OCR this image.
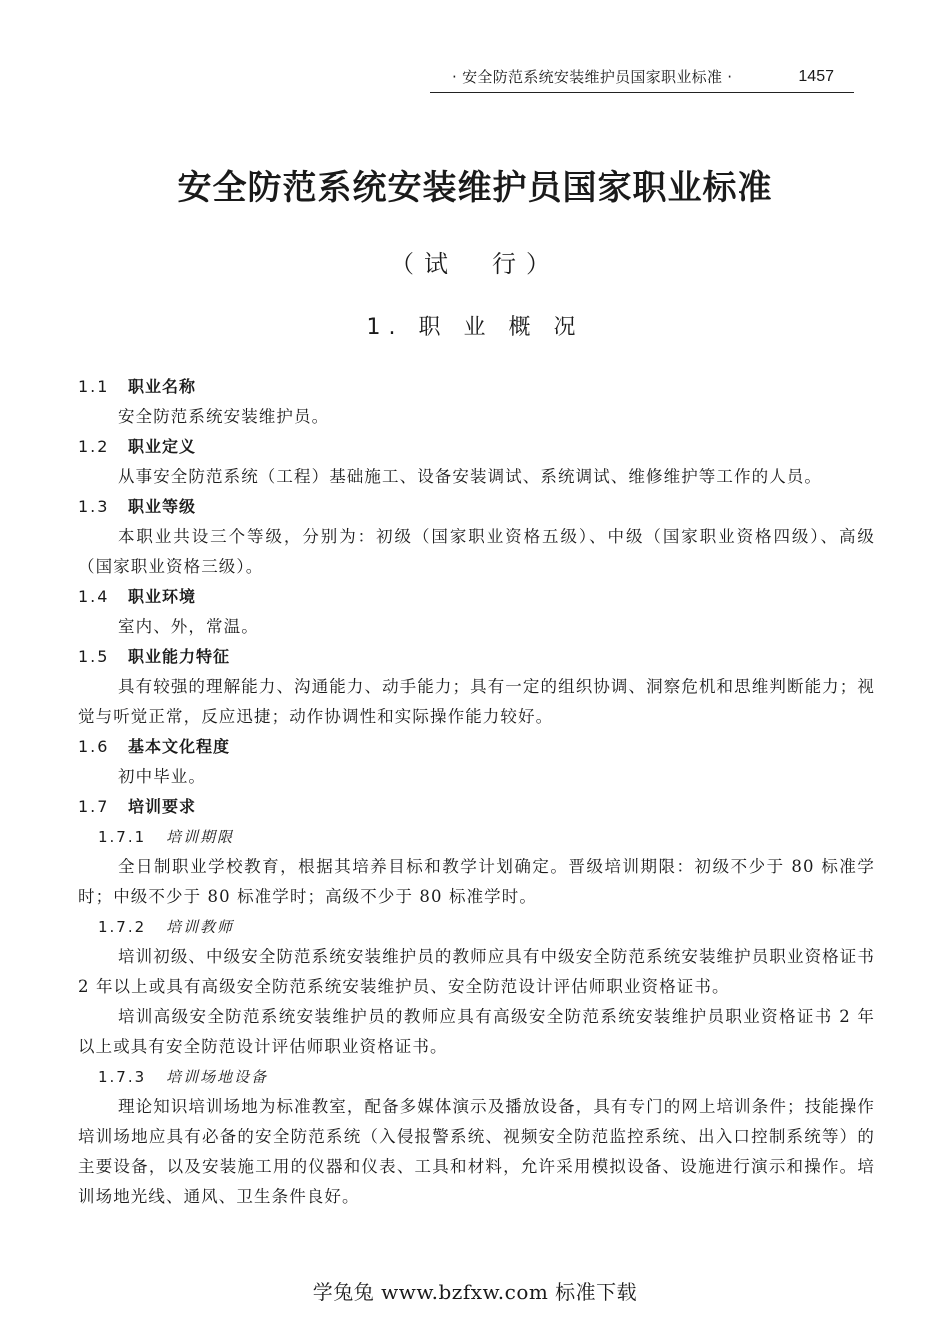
· 安全防范系统安装维护员国家职业标准 ·	1457
安全防范系统安装维护员国家职业标准
（试　行）
1. 职 业 概 况
1.1 职业名称

安全防范系统安装维护员。

1.2 职业定义

从事安全防范系统（工程）基础施工、设备安装调试、系统调试、维修维护等工作的人员。

1.3 职业等级

本职业共设三个等级，分别为：初级（国家职业资格五级）、中级（国家职业资格四级）、高级（国家职业资格三级）。

1.4 职业环境

室内、外，常温。

1.5 职业能力特征

具有较强的理解能力、沟通能力、动手能力；具有一定的组织协调、洞察危机和思维判断能力；视觉与听觉正常，反应迅捷；动作协调性和实际操作能力较好。

1.6 基本文化程度

初中毕业。

1.7 培训要求
1.7.1 培训期限

全日制职业学校教育，根据其培养目标和教学计划确定。晋级培训期限：初级不少于 80 标准学时；中级不少于 80 标准学时；高级不少于 80 标准学时。

1.7.2 培训教师

培训初级、中级安全防范系统安装维护员的教师应具有中级安全防范系统安装维护员职业资格证书 2 年以上或具有高级安全防范系统安装维护员、安全防范设计评估师职业资格证书。

培训高级安全防范系统安装维护员的教师应具有高级安全防范系统安装维护员职业资格证书 2 年以上或具有安全防范设计评估师职业资格证书。

1.7.3 培训场地设备

理论知识培训场地为标准教室，配备多媒体演示及播放设备，具有专门的网上培训条件；技能操作培训场地应具有必备的安全防范系统（入侵报警系统、视频安全防范监控系统、出入口控制系统等）的主要设备，以及安装施工用的仪器和仪表、工具和材料，允许采用模拟设备、设施进行演示和操作。培训场地光线、通风、卫生条件良好。

学兔兔 www.bzfxw.com 标准下载
